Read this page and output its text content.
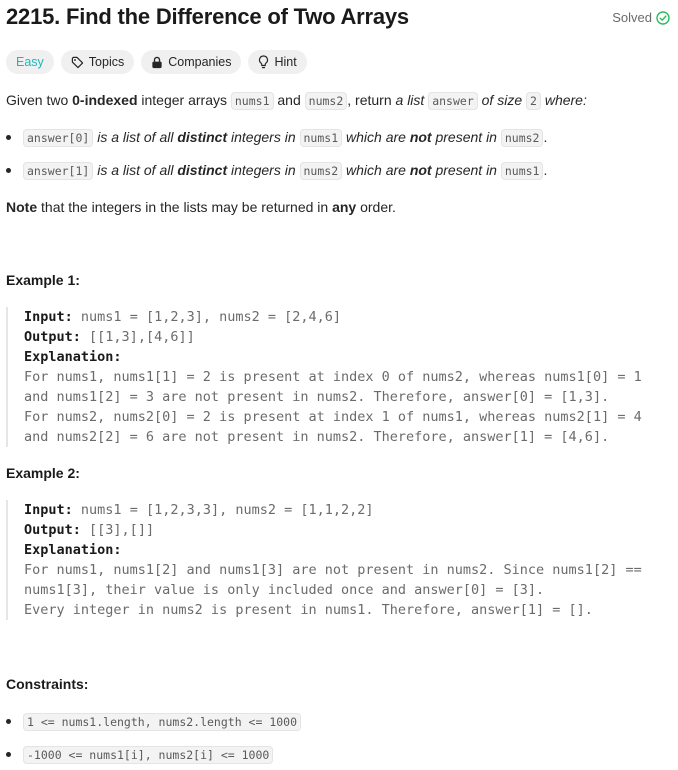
2215. Find the Difference of Two Arrays	Solved
Easy	Topics	Companies	Hint
Given two 0-indexed integer arrays nums1 and nums2 , return a list answer of size 2 where:
answer[0] is a list of all distinct integers in nums1 which are not present in nums2 .
answer[1] is a list of all distinct integers in nums2 which are not present in nums1 .
Note that the integers in the lists may be returned in any order.
Example 1:
Input: nums1 = [1,2,3], nums2 = [2,4,6]
Output: [[1,3],[4,6]]
Explanation:
For nums1, nums1[1] = 2 is present at index 0 of nums2, whereas nums1[0] = 1
and nums1[2] = 3 are not present in nums2. Therefore, answer[0] = [1,3].
For nums2, nums2[0] = 2 is present at index 1 of nums1, whereas nums2[1] = 4
and nums2[2] = 6 are not present in nums2. Therefore, answer[1] = [4,6].
Example 2:
Input: nums1 = [1,2,3,3], nums2 = [1,1,2,2]
Output: [[3],[]]
Explanation:
For nums1, nums1[2] and nums1[3] are not present in nums2. Since nums1[2] ==
nums1[3], their value is only included once and answer[0] = [3].
Every integer in nums2 is present in nums1. Therefore, answer[1] = [].
Constraints:
1 <= nums1.length, nums2.length <= 1000
-1000 <= nums1[i], nums2[i] <= 1000
